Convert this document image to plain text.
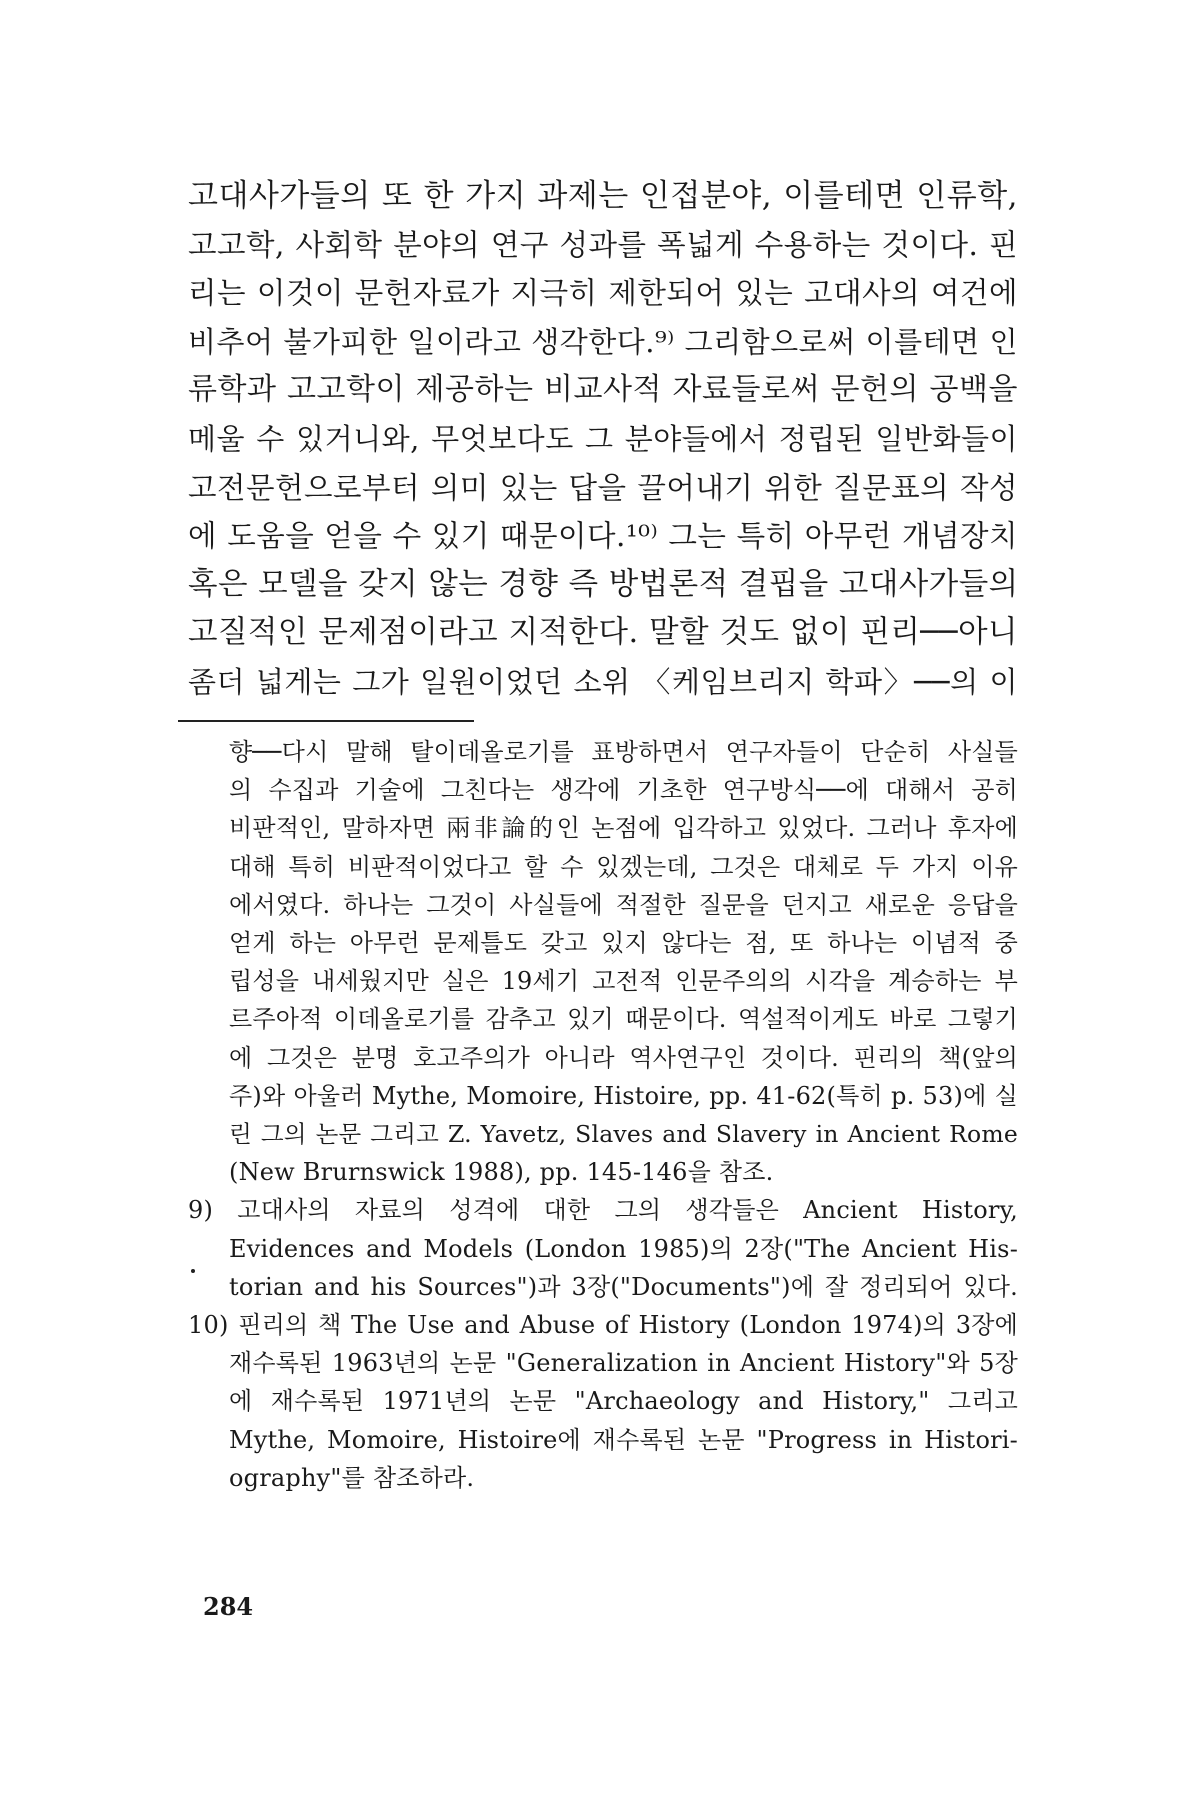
고대사가들의 또 한 가지 과제는 인접분야, 이를테면 인류학,
고고학, 사회학 분야의 연구 성과를 폭넓게 수용하는 것이다. 핀
리는 이것이 문헌자료가 지극히 제한되어 있는 고대사의 여건에
비추어 불가피한 일이라고 생각한다.⁹⁾ 그리함으로써 이를테면 인
류학과 고고학이 제공하는 비교사적 자료들로써 문헌의 공백을
메울 수 있거니와, 무엇보다도 그 분야들에서 정립된 일반화들이
고전문헌으로부터 의미 있는 답을 끌어내기 위한 질문표의 작성
에 도움을 얻을 수 있기 때문이다.¹⁰⁾ 그는 특히 아무런 개념장치
혹은 모델을 갖지 않는 경향 즉 방법론적 결핍을 고대사가들의
고질적인 문제점이라고 지적한다. 말할 것도 없이 핀리──아니
좀더 넓게는 그가 일원이었던 소위 〈케임브리지 학파〉──의 이
향──다시 말해 탈이데올로기를 표방하면서 연구자들이 단순히 사실들
의 수집과 기술에 그친다는 생각에 기초한 연구방식──에 대해서 공히
비판적인, 말하자면 兩非論的인 논점에 입각하고 있었다. 그러나 후자에
대해 특히 비판적이었다고 할 수 있겠는데, 그것은 대체로 두 가지 이유
에서였다. 하나는 그것이 사실들에 적절한 질문을 던지고 새로운 응답을
얻게 하는 아무런 문제틀도 갖고 있지 않다는 점, 또 하나는 이념적 중
립성을 내세웠지만 실은 19세기 고전적 인문주의의 시각을 계승하는 부
르주아적 이데올로기를 감추고 있기 때문이다. 역설적이게도 바로 그렇기
에 그것은 분명 호고주의가 아니라 역사연구인 것이다. 핀리의 책(앞의
주)와 아울러 Mythe, Momoire, Histoire, pp. 41-62(특히 p. 53)에 실
린 그의 논문 그리고 Z. Yavetz, Slaves and Slavery in Ancient Rome
(New Brurnswick 1988), pp. 145-146을 참조.
9) 고대사의 자료의 성격에 대한 그의 생각들은 Ancient History,
Evidences and Models (London 1985)의 2장("The Ancient His-
torian and his Sources")과 3장("Documents")에 잘 정리되어 있다.
10) 핀리의 책 The Use and Abuse of History (London 1974)의 3장에
재수록된 1963년의 논문 "Generalization in Ancient History"와 5장
에 재수록된 1971년의 논문 "Archaeology and History," 그리고
Mythe, Momoire, Histoire에 재수록된 논문 "Progress in Histori-
ography"를 참조하라.
284
